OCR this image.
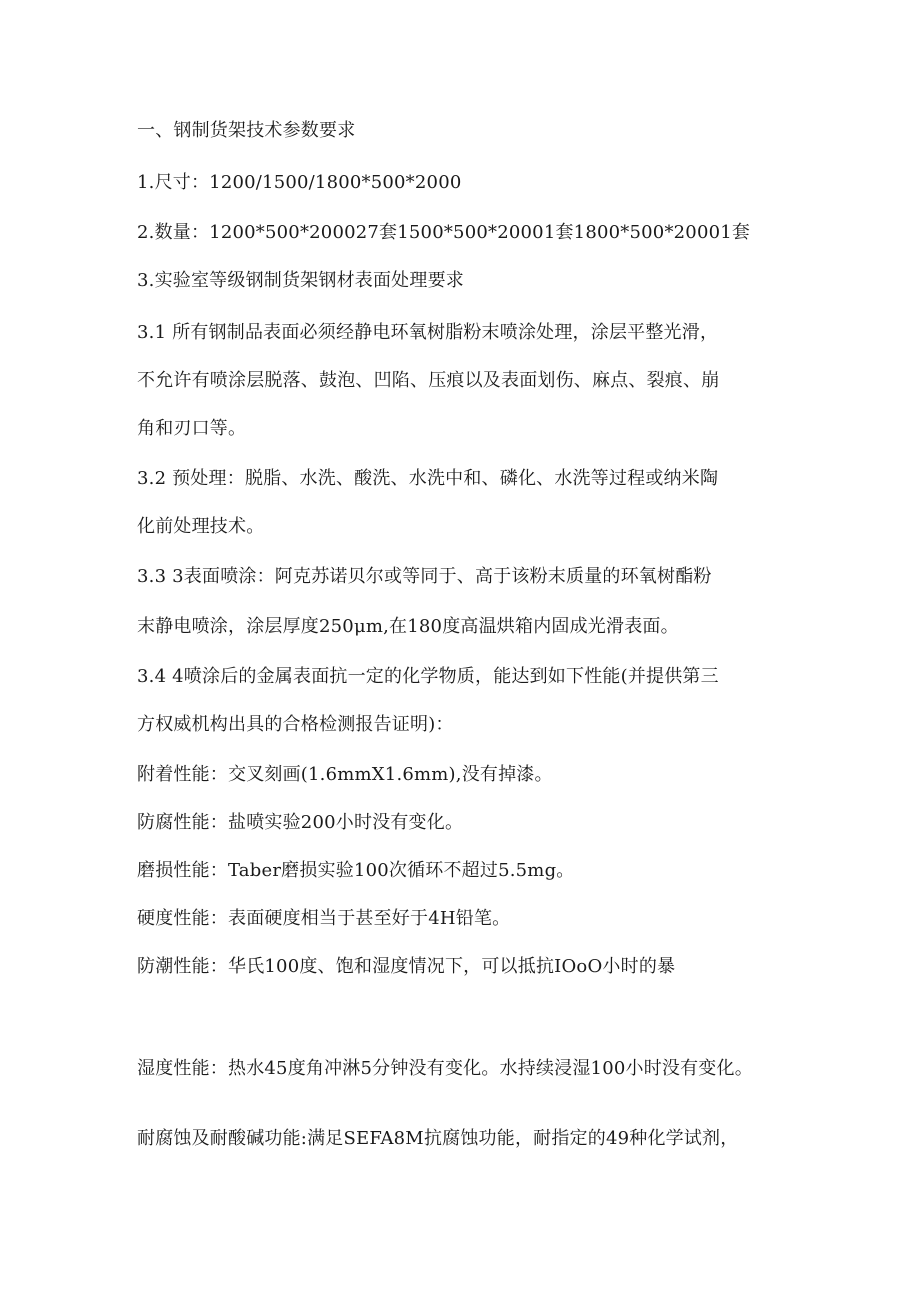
一、钢制货架技术参数要求
1.尺寸：1200/1500/1800*500*2000
2.数量：1200*500*200027套1500*500*20001套1800*500*20001套
3.实验室等级钢制货架钢材表面处理要求
3.1 所有钢制品表面必须经静电环氧树脂粉末喷涂处理，涂层平整光滑，
不允许有喷涂层脱落、鼓泡、凹陷、压痕以及表面划伤、麻点、裂痕、崩
角和刃口等。
3.2 预处理：脱脂、水洗、酸洗、水洗中和、磷化、水洗等过程或纳米陶
化前处理技术。
3.3 3表面喷涂：阿克苏诺贝尔或等同于、高于该粉末质量的环氧树酯粉
末静电喷涂，涂层厚度250μm,在180度高温烘箱内固成光滑表面。
3.4 4喷涂后的金属表面抗一定的化学物质，能达到如下性能(并提供第三
方权威机构出具的合格检测报告证明)：
附着性能：交叉刻画(1.6mmX1.6mm),没有掉漆。
防腐性能：盐喷实验200小时没有变化。
磨损性能：Taber磨损实验100次循环不超过5.5mg。
硬度性能：表面硬度相当于甚至好于4H铅笔。
防潮性能：华氏100度、饱和湿度情况下，可以抵抗IOoO小时的暴
湿度性能：热水45度角冲淋5分钟没有变化。水持续浸湿100小时没有变化。
耐腐蚀及耐酸碱功能:满足SEFA8M抗腐蚀功能，耐指定的49种化学试剂，
